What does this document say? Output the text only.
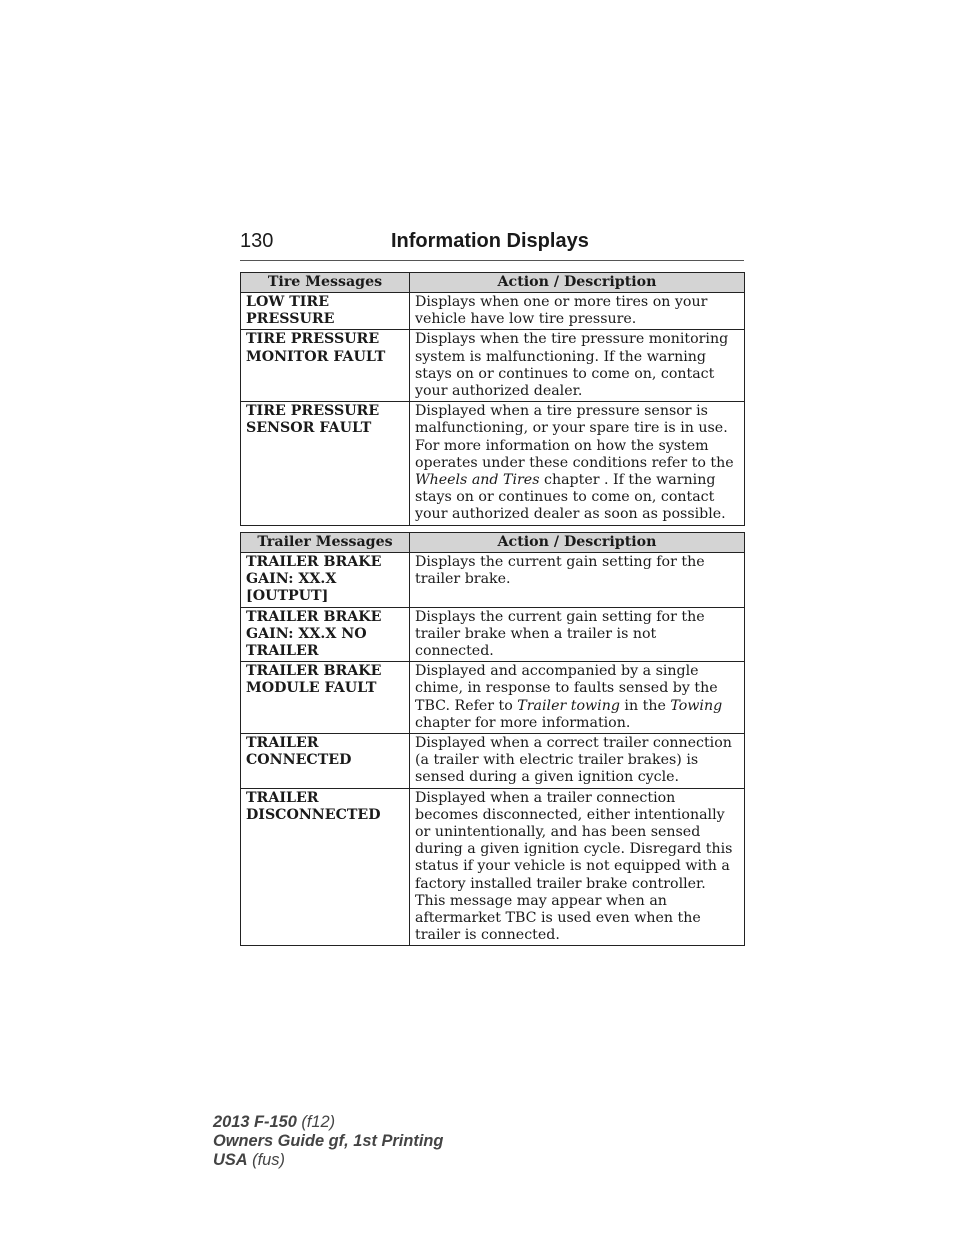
130	Information Displays
Tire Messages	Action / Description
LOW TIRE PRESSURE	Displays when one or more tires on your vehicle have low tire pressure.
TIRE PRESSURE MONITOR FAULT	Displays when the tire pressure monitoring system is malfunctioning. If the warning stays on or continues to come on, contact your authorized dealer.
TIRE PRESSURE SENSOR FAULT	Displayed when a tire pressure sensor is malfunctioning, or your spare tire is in use. For more information on how the system operates under these conditions refer to the Wheels and Tires chapter . If the warning stays on or continues to come on, contact your authorized dealer as soon as possible.
Trailer Messages	Action / Description
TRAILER BRAKE GAIN: XX.X [OUTPUT]	Displays the current gain setting for the trailer brake.
TRAILER BRAKE GAIN: XX.X NO TRAILER	Displays the current gain setting for the trailer brake when a trailer is not connected.
TRAILER BRAKE MODULE FAULT	Displayed and accompanied by a single chime, in response to faults sensed by the TBC. Refer to Trailer towing in the Towing chapter for more information.
TRAILER CONNECTED	Displayed when a correct trailer connection (a trailer with electric trailer brakes) is sensed during a given ignition cycle.
TRAILER DISCONNECTED	Displayed when a trailer connection becomes disconnected, either intentionally or unintentionally, and has been sensed during a given ignition cycle. Disregard this status if your vehicle is not equipped with a factory installed trailer brake controller. This message may appear when an aftermarket TBC is used even when the trailer is connected.
2013 F-150 (f12)
Owners Guide gf, 1st Printing
USA (fus)
